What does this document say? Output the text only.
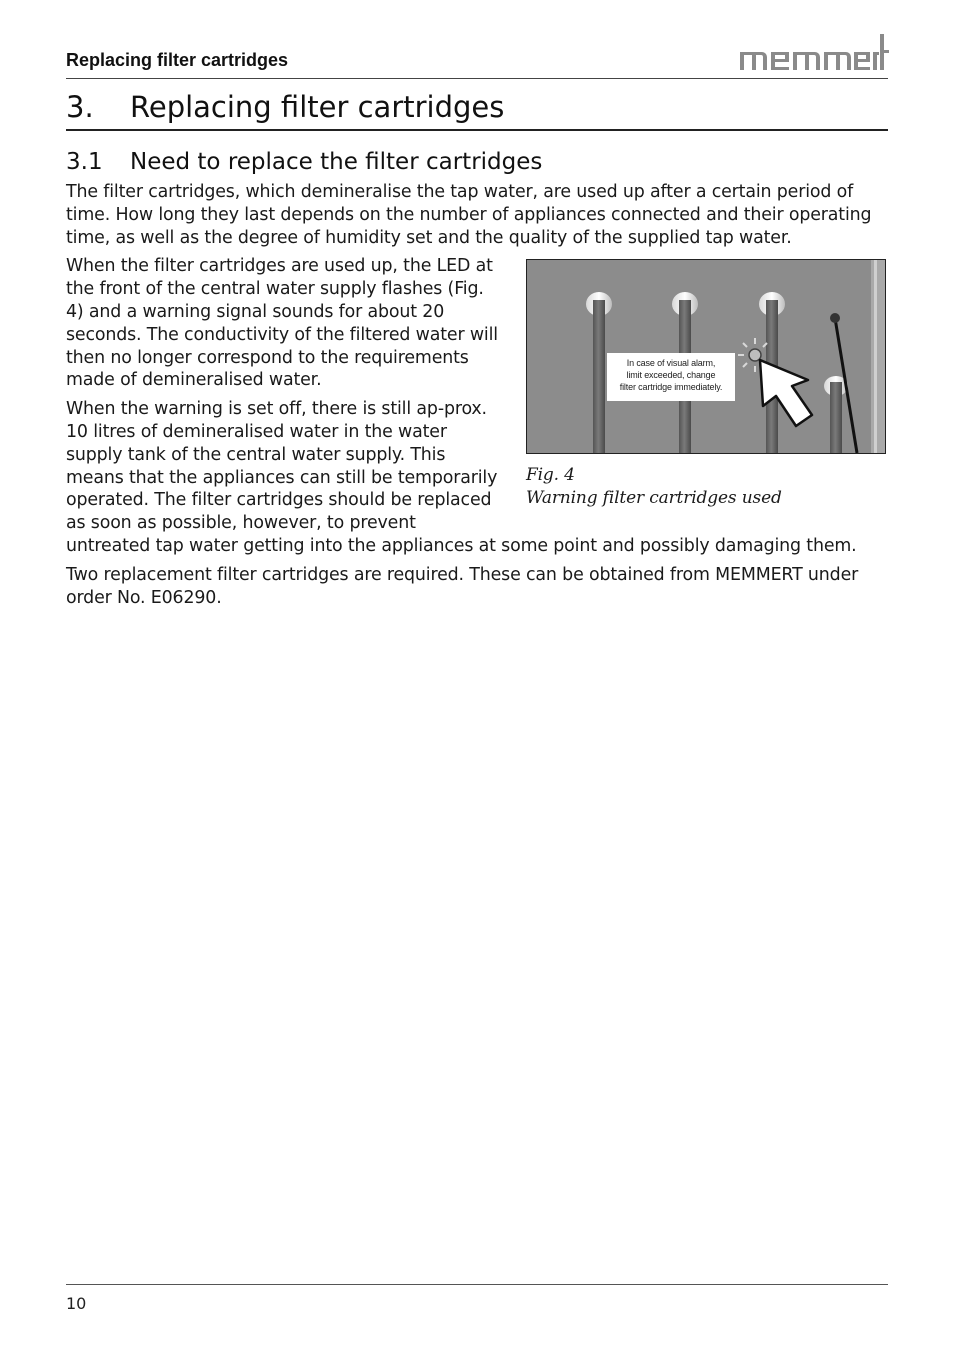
Replacing filter cartridges
3. Replacing filter cartridges
3.1 Need to replace the filter cartridges

The filter cartridges, which demineralise the tap water, are used up after a certain period of time. How long they last depends on the number of appliances connected and their operating time, as well as the degree of humidity set and the quality of the supplied tap water.

In case of visual alarm,
limit exceeded, change
filter cartridge immediately.
Fig. 4
Warning filter cartridges used

When the filter cartridges are used up, the LED at the front of the central water supply flashes (Fig. 4) and a warning signal sounds for about 20 seconds. The conductivity of the filtered water will then no longer correspond to the requirements made of demineralised water.

When the warning is set off, there is still ap-prox. 10 litres of demineralised water in the water supply tank of the central water supply. This means that the appliances can still be temporarily operated. The filter cartridges should be replaced as soon as possible, however, to prevent untreated tap water getting into the appliances at some point and possibly damaging them.

Two replacement filter cartridges are required. These can be obtained from MEMMERT under order No. E06290.

10
